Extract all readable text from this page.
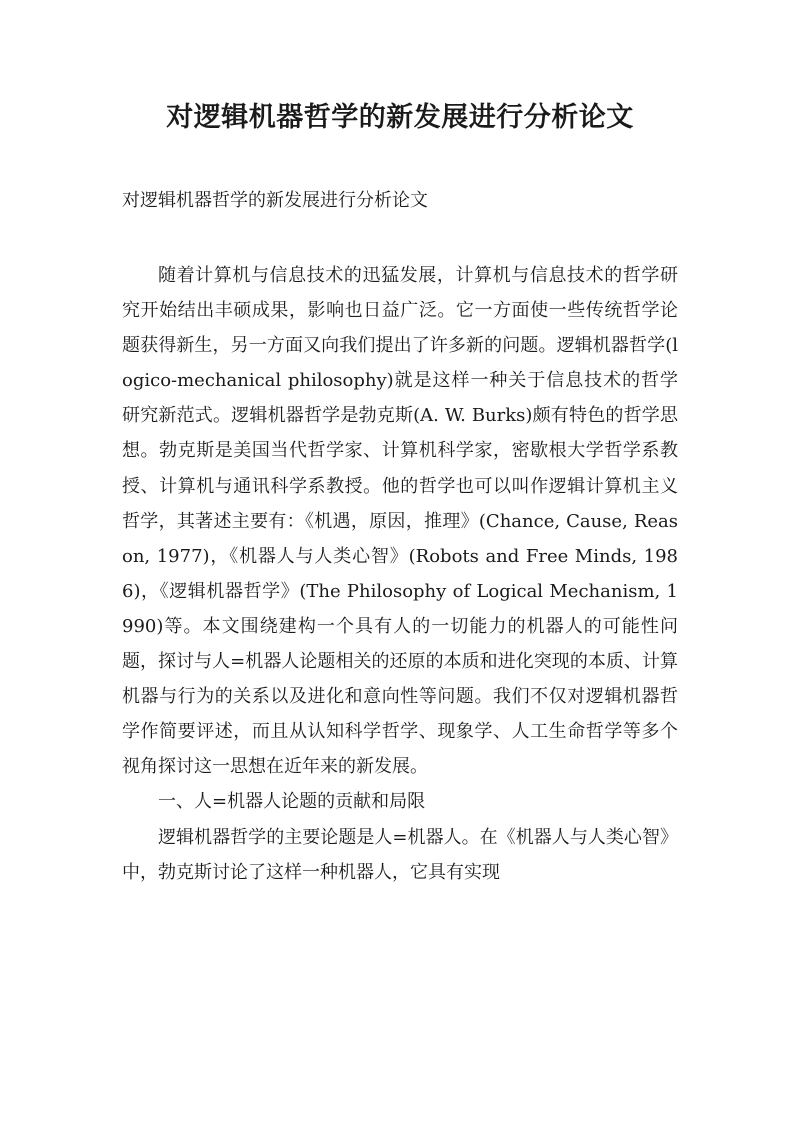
对逻辑机器哲学的新发展进行分析论文

对逻辑机器哲学的新发展进行分析论文

随着计算机与信息技术的迅猛发展，计算机与信息技术的哲学研究开始结出丰硕成果，影响也日益广泛。它一方面使一些传统哲学论题获得新生，另一方面又向我们提出了许多新的问题。逻辑机器哲学(logico-mechanical philosophy)就是这样一种关于信息技术的哲学研究新范式。逻辑机器哲学是勃克斯(A. W. Burks)颇有特色的哲学思想。勃克斯是美国当代哲学家、计算机科学家，密歇根大学哲学系教授、计算机与通讯科学系教授。他的哲学也可以叫作逻辑计算机主义哲学，其著述主要有：《机遇，原因，推理》(Chance, Cause, Reason, 1977)，《机器人与人类心智》(Robots and Free Minds, 1986)，《逻辑机器哲学》(The Philosophy of Logical Mechanism, 1990)等。本文围绕建构一个具有人的一切能力的机器人的可能性问题，探讨与人=机器人论题相关的还原的本质和进化突现的本质、计算机器与行为的关系以及进化和意向性等问题。我们不仅对逻辑机器哲学作简要评述，而且从认知科学哲学、现象学、人工生命哲学等多个视角探讨这一思想在近年来的新发展。

一、人=机器人论题的贡献和局限

逻辑机器哲学的主要论题是人=机器人。在《机器人与人类心智》中，勃克斯讨论了这样一种机器人，它具有实现
